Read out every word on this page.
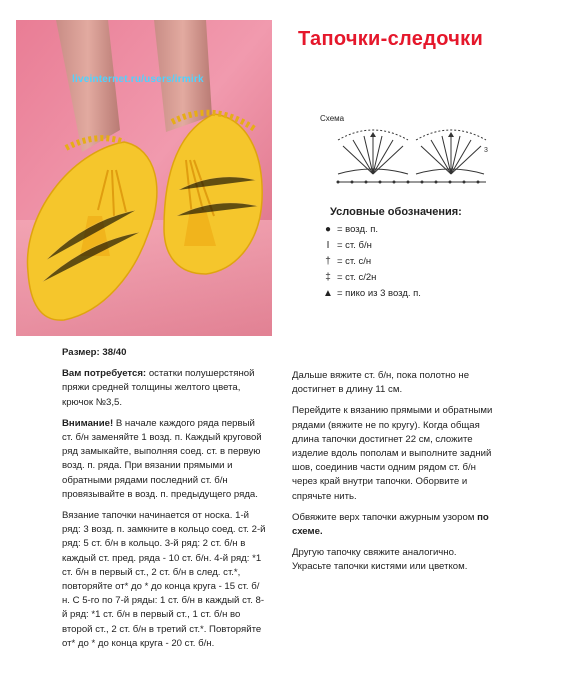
liveinternet.ru/users/irmirk
Тапочки-следочки
Схема
3
Условные обозначения:
● = возд. п.
I = ст. б/н
† = ст. с/н
‡ = ст. с/2н
▲ = пико из 3 возд. п.

Размер: 38/40

Вам потребуется: остатки полушерстяной пряжи средней толщины желтого цвета, крючок №3,5.

Внимание! В начале каждого ряда первый ст. б/н заменяйте 1 возд. п. Каждый круговой ряд замыкайте, выполняя соед. ст. в первую возд. п. ряда. При вязании прямыми и обратными рядами последний ст. б/н провязывайте в возд. п. предыдущего ряда.

Вязание тапочки начинается от носка. 1-й ряд: 3 возд. п. замкните в кольцо соед. ст. 2-й ряд: 5 ст. б/н в кольцо. 3-й ряд: 2 ст. б/н в каждый ст. пред. ряда - 10 ст. б/н. 4-й ряд: *1 ст. б/н в первый ст., 2 ст. б/н в след. ст.*, повторяйте от* до * до конца круга - 15 ст. б/н. С 5-го по 7-й ряды: 1 ст. б/н в каждый ст. 8-й ряд: *1 ст. б/н в первый ст., 1 ст. б/н во второй ст., 2 ст. б/н в третий ст.*. Повторяйте от* до * до конца круга - 20 ст. б/н.

Дальше вяжите ст. б/н, пока полотно не достигнет в длину 11 см.

Перейдите к вязанию прямыми и обратными рядами (вяжите не по кругу). Когда общая длина тапочки достигнет 22 см, сложите изделие вдоль пополам и выполните задний шов, соединив части одним рядом ст. б/н через край внутри тапочки. Оборвите и спрячьте нить.

Обвяжите верх тапочки ажурным узором по схеме.

Другую тапочку свяжите аналогично. Украсьте тапочки кистями или цветком.
